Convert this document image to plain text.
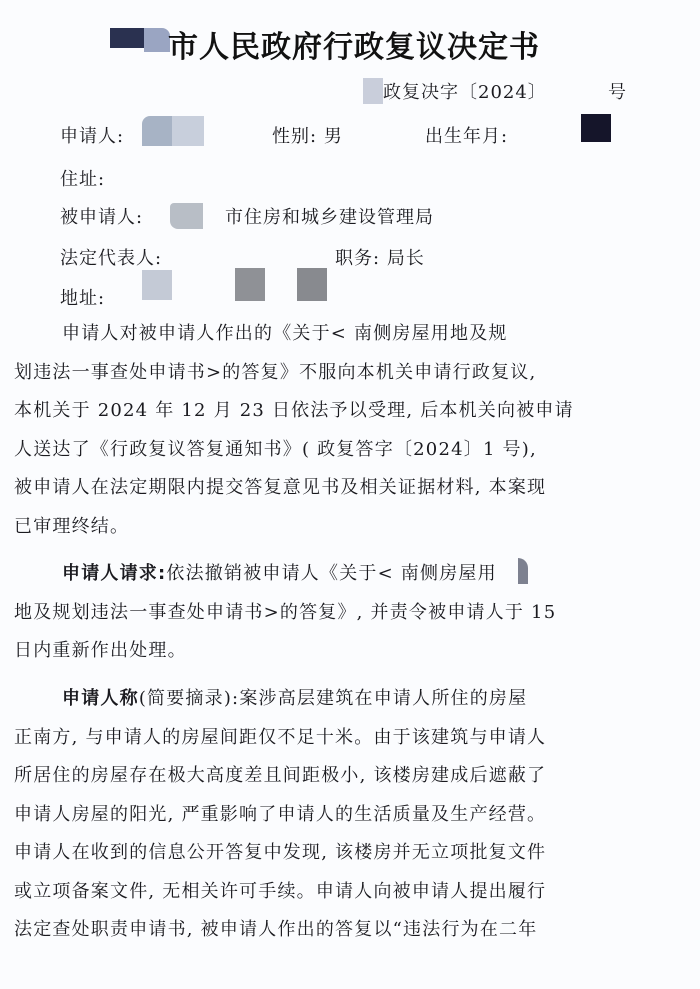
市人民政府行政复议决定书
政复决字〔2024〕	号
申请人:	性别: 男	出生年月:
住址:
被申请人:	市住房和城乡建设管理局
法定代表人:	职务: 局长
地址:

申请人对被申请人作出的《关于< 南侧房屋用地及规

划违法一事查处申请书>的答复》不服向本机关申请行政复议,

本机关于 2024 年 12 月 23 日依法予以受理, 后本机关向被申请

人送达了《行政复议答复通知书》( 政复答字〔2024〕1 号),

被申请人在法定期限内提交答复意见书及相关证据材料, 本案现

已审理终结。

申请人请求:依法撤销被申请人《关于< 南侧房屋用

地及规划违法一事查处申请书>的答复》, 并责令被申请人于 15

日内重新作出处理。

申请人称(简要摘录):案涉高层建筑在申请人所住的房屋

正南方, 与申请人的房屋间距仅不足十米。由于该建筑与申请人

所居住的房屋存在极大高度差且间距极小, 该楼房建成后遮蔽了

申请人房屋的阳光, 严重影响了申请人的生活质量及生产经营。

申请人在收到的信息公开答复中发现, 该楼房并无立项批复文件

或立项备案文件, 无相关许可手续。申请人向被申请人提出履行

法定查处职责申请书, 被申请人作出的答复以“违法行为在二年
